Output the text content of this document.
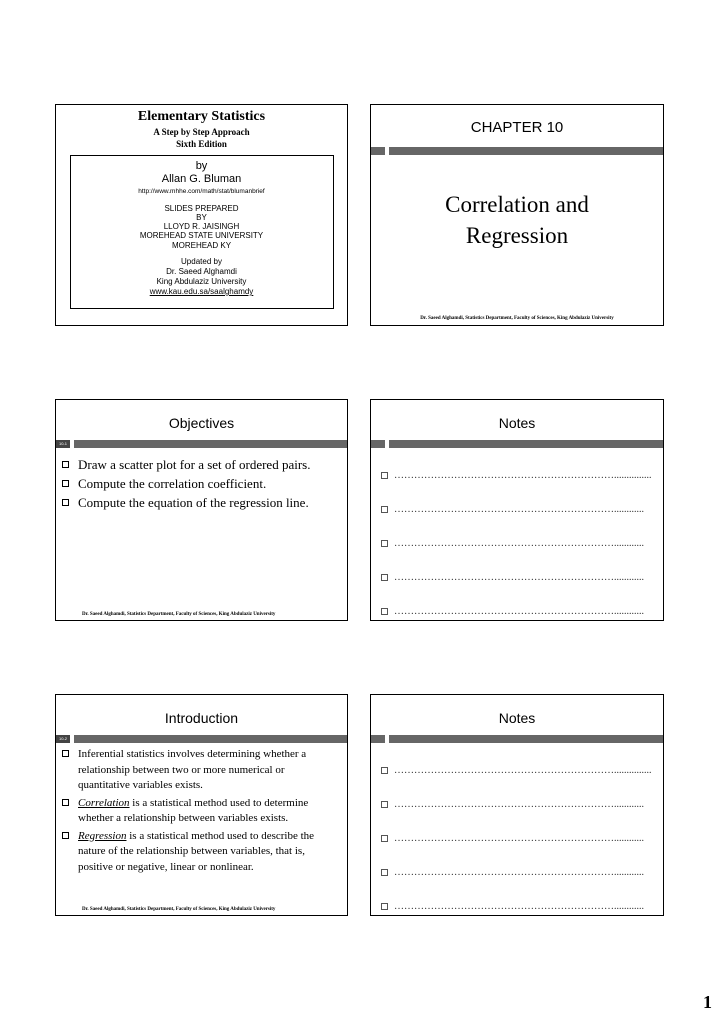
Elementary Statistics
A Step by Step Approach
Sixth Edition
by
Allan G. Bluman
http://www.mhhe.com/math/stat/blumanbrief
SLIDES PREPARED
BY
LLOYD R. JAISINGH
MOREHEAD STATE UNIVERSITY
MOREHEAD KY
Updated by
Dr. Saeed Alghamdi
King Abdulaziz University
www.kau.edu.sa/saalghamdy
CHAPTER 10
Correlation and
Regression
Dr. Saeed Alghamdi, Statistics Department, Faculty of Sciences, King Abdulaziz University
Objectives
10-1
Draw a scatter plot for a set of ordered pairs.
Compute the correlation coefficient.
Compute the equation of the regression line.
Dr. Saeed Alghamdi, Statistics Department, Faculty of Sciences, King Abdulaziz University
Notes
…………………………………………………………...............
…………………………………………………………............
…………………………………………………………............
…………………………………………………………............
…………………………………………………………............
Introduction
10-2
Inferential statistics involves determining whether a relationship between two or more numerical or quantitative variables exists.
Correlation is a statistical method used to determine whether a relationship between variables exists.
Regression is a statistical method used to describe the nature of the relationship between variables, that is, positive or negative, linear or nonlinear.
Dr. Saeed Alghamdi, Statistics Department, Faculty of Sciences, King Abdulaziz University
Notes
…………………………………………………………...............
…………………………………………………………............
…………………………………………………………............
…………………………………………………………............
…………………………………………………………............
1
